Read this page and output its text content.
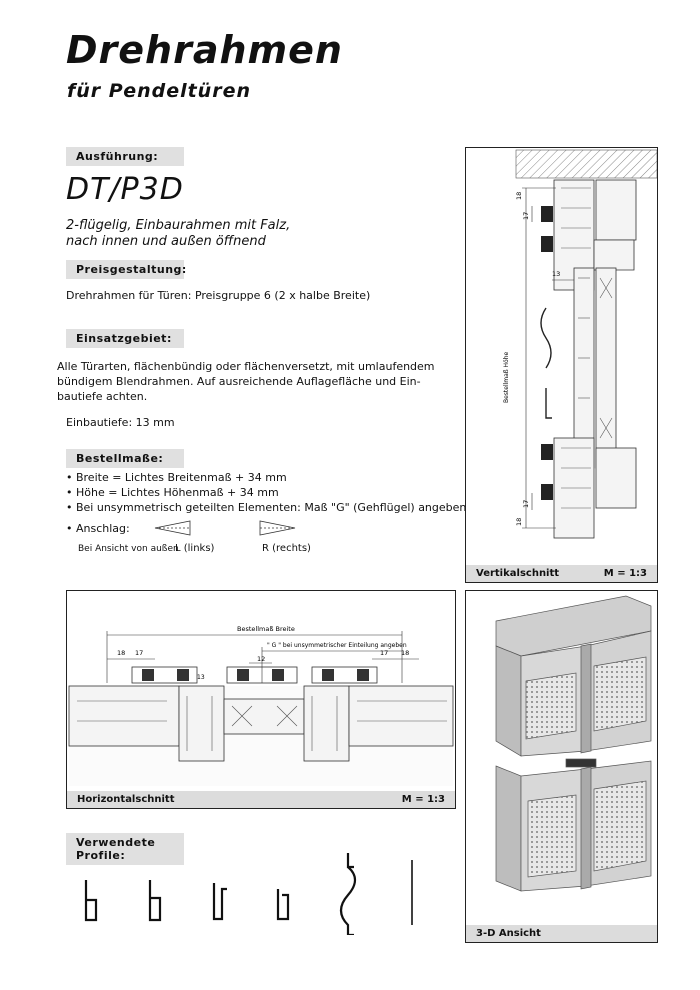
Drehrahmen
für Pendeltüren
Ausführung:
DT/P3D
2-flügelig, Einbaurahmen mit Falz,
nach innen und außen öffnend
Preisgestaltung:
Drehrahmen für Türen: Preisgruppe 6 (2 x halbe Breite)
Einsatzgebiet:
Alle Türarten, flächenbündig oder flächenversetzt, mit umlaufendem
bündigem Blendrahmen. Auf ausreichende Auflagefläche und Ein-
bautiefe achten.
Einbautiefe: 13 mm
Bestellmaße:
• Breite = Lichtes Breitenmaß + 34 mm
• Höhe = Lichtes Höhenmaß + 34 mm
• Bei unsymmetrisch geteilten Elementen: Maß "G" (Gehflügel) angeben
• Anschlag:
Bei Ansicht von außen
L (links)	R (rechts)
18
17
13
17
18
Bestellmaß Höhe
Vertikalschnitt	M = 1:3
Bestellmaß Breite
" G " bei unsymmetrischer Einteilung angeben
18 17
12
13
17 18
Horizontalschnitt	M = 1:3
3-D Ansicht
Verwendete Profile:
